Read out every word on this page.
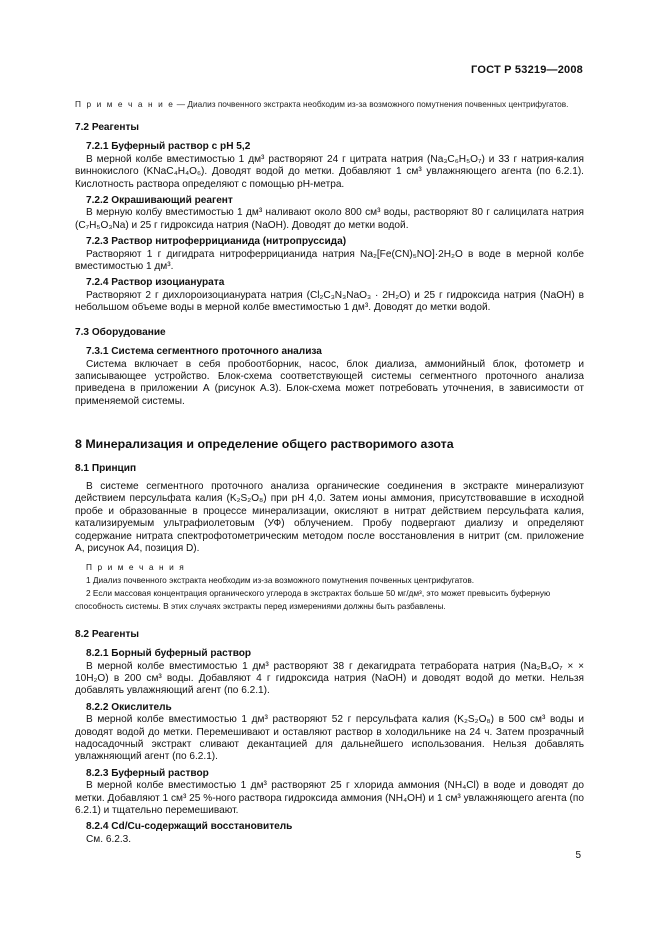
ГОСТ Р 53219—2008
П р и м е ч а н и е — Диализ почвенного экстракта необходим из-за возможного помутнения почвенных центрифугатов.
7.2 Реагенты
7.2.1 Буферный раствор с рН 5,2

В мерной колбе вместимостью 1 дм³ растворяют 24 г цитрата натрия (Na₃C₆H₅O₇) и 33 г натрия-калия виннокислого (KNaC₄H₄O₆). Доводят водой до метки. Добавляют 1 см³ увлажняющего агента (по 6.2.1). Кислотность раствора определяют с помощью рН-метра.

7.2.2 Окрашивающий реагент

В мерную колбу вместимостью 1 дм³ наливают около 800 см³ воды, растворяют 80 г салицилата натрия (C₇H₅O₃Na) и 25 г гидроксида натрия (NaOH). Доводят до метки водой.

7.2.3 Раствор нитроферрицианида (нитропруссида)

Растворяют 1 г дигидрата нитроферрицианида натрия Na₂[Fe(CN)₅NO]·2H₂O в воде в мерной колбе вместимостью 1 дм³.

7.2.4 Раствор изоцианурата

Растворяют 2 г дихлороизоцианурата натрия (Cl₂C₃N₃NaO₃ · 2H₂O) и 25 г гидроксида натрия (NaOH) в небольшом объеме воды в мерной колбе вместимостью 1 дм³. Доводят до метки водой.

7.3 Оборудование
7.3.1 Система сегментного проточного анализа

Система включает в себя пробоотборник, насос, блок диализа, аммонийный блок, фотометр и записывающее устройство. Блок-схема соответствующей системы сегментного проточного анализа приведена в приложении А (рисунок А.3). Блок-схема может потребовать уточнения, в зависимости от применяемой системы.

8 Минерализация и определение общего растворимого азота
8.1 Принцип

В системе сегментного проточного анализа органические соединения в экстракте минерализуют действием персульфата калия (K₂S₂O₈) при рН 4,0. Затем ионы аммония, присутствовавшие в исходной пробе и образованные в процессе минерализации, окисляют в нитрат действием персульфата калия, катализируемым ультрафиолетовым (УФ) облучением. Пробу подвергают диализу и определяют содержание нитрата спектрофотометрическим методом после восстановления в нитрит (см. приложение А, рисунок А4, позиция D).

П р и м е ч а н и я
1 Диализ почвенного экстракта необходим из-за возможного помутнения почвенных центрифугатов.
2 Если массовая концентрация органического углерода в экстрактах больше 50 мг/дм³, это может превысить буферную способность системы. В этих случаях экстракты перед измерениями должны быть разбавлены.
8.2 Реагенты
8.2.1 Борный буферный раствор

В мерной колбе вместимостью 1 дм³ растворяют 38 г декагидрата тетрабората натрия (Na₂B₄O₇ × × 10H₂O) в 200 см³ воды. Добавляют 4 г гидроксида натрия (NaOH) и доводят водой до метки. Нельзя добавлять увлажняющий агент (по 6.2.1).

8.2.2 Окислитель

В мерной колбе вместимостью 1 дм³ растворяют 52 г персульфата калия (K₂S₂O₈) в 500 см³ воды и доводят водой до метки. Перемешивают и оставляют раствор в холодильнике на 24 ч. Затем прозрачный надосадочный экстракт сливают декантацией для дальнейшего использования. Нельзя добавлять увлажняющий агент (по 6.2.1).

8.2.3 Буферный раствор

В мерной колбе вместимостью 1 дм³ растворяют 25 г хлорида аммония (NH₄Cl) в воде и доводят до метки. Добавляют 1 см³ 25 %-ного раствора гидроксида аммония (NH₄OH) и 1 см³ увлажняющего агента (по 6.2.1) и тщательно перемешивают.

8.2.4 Cd/Cu-содержащий восстановитель

См. 6.2.3.

5
